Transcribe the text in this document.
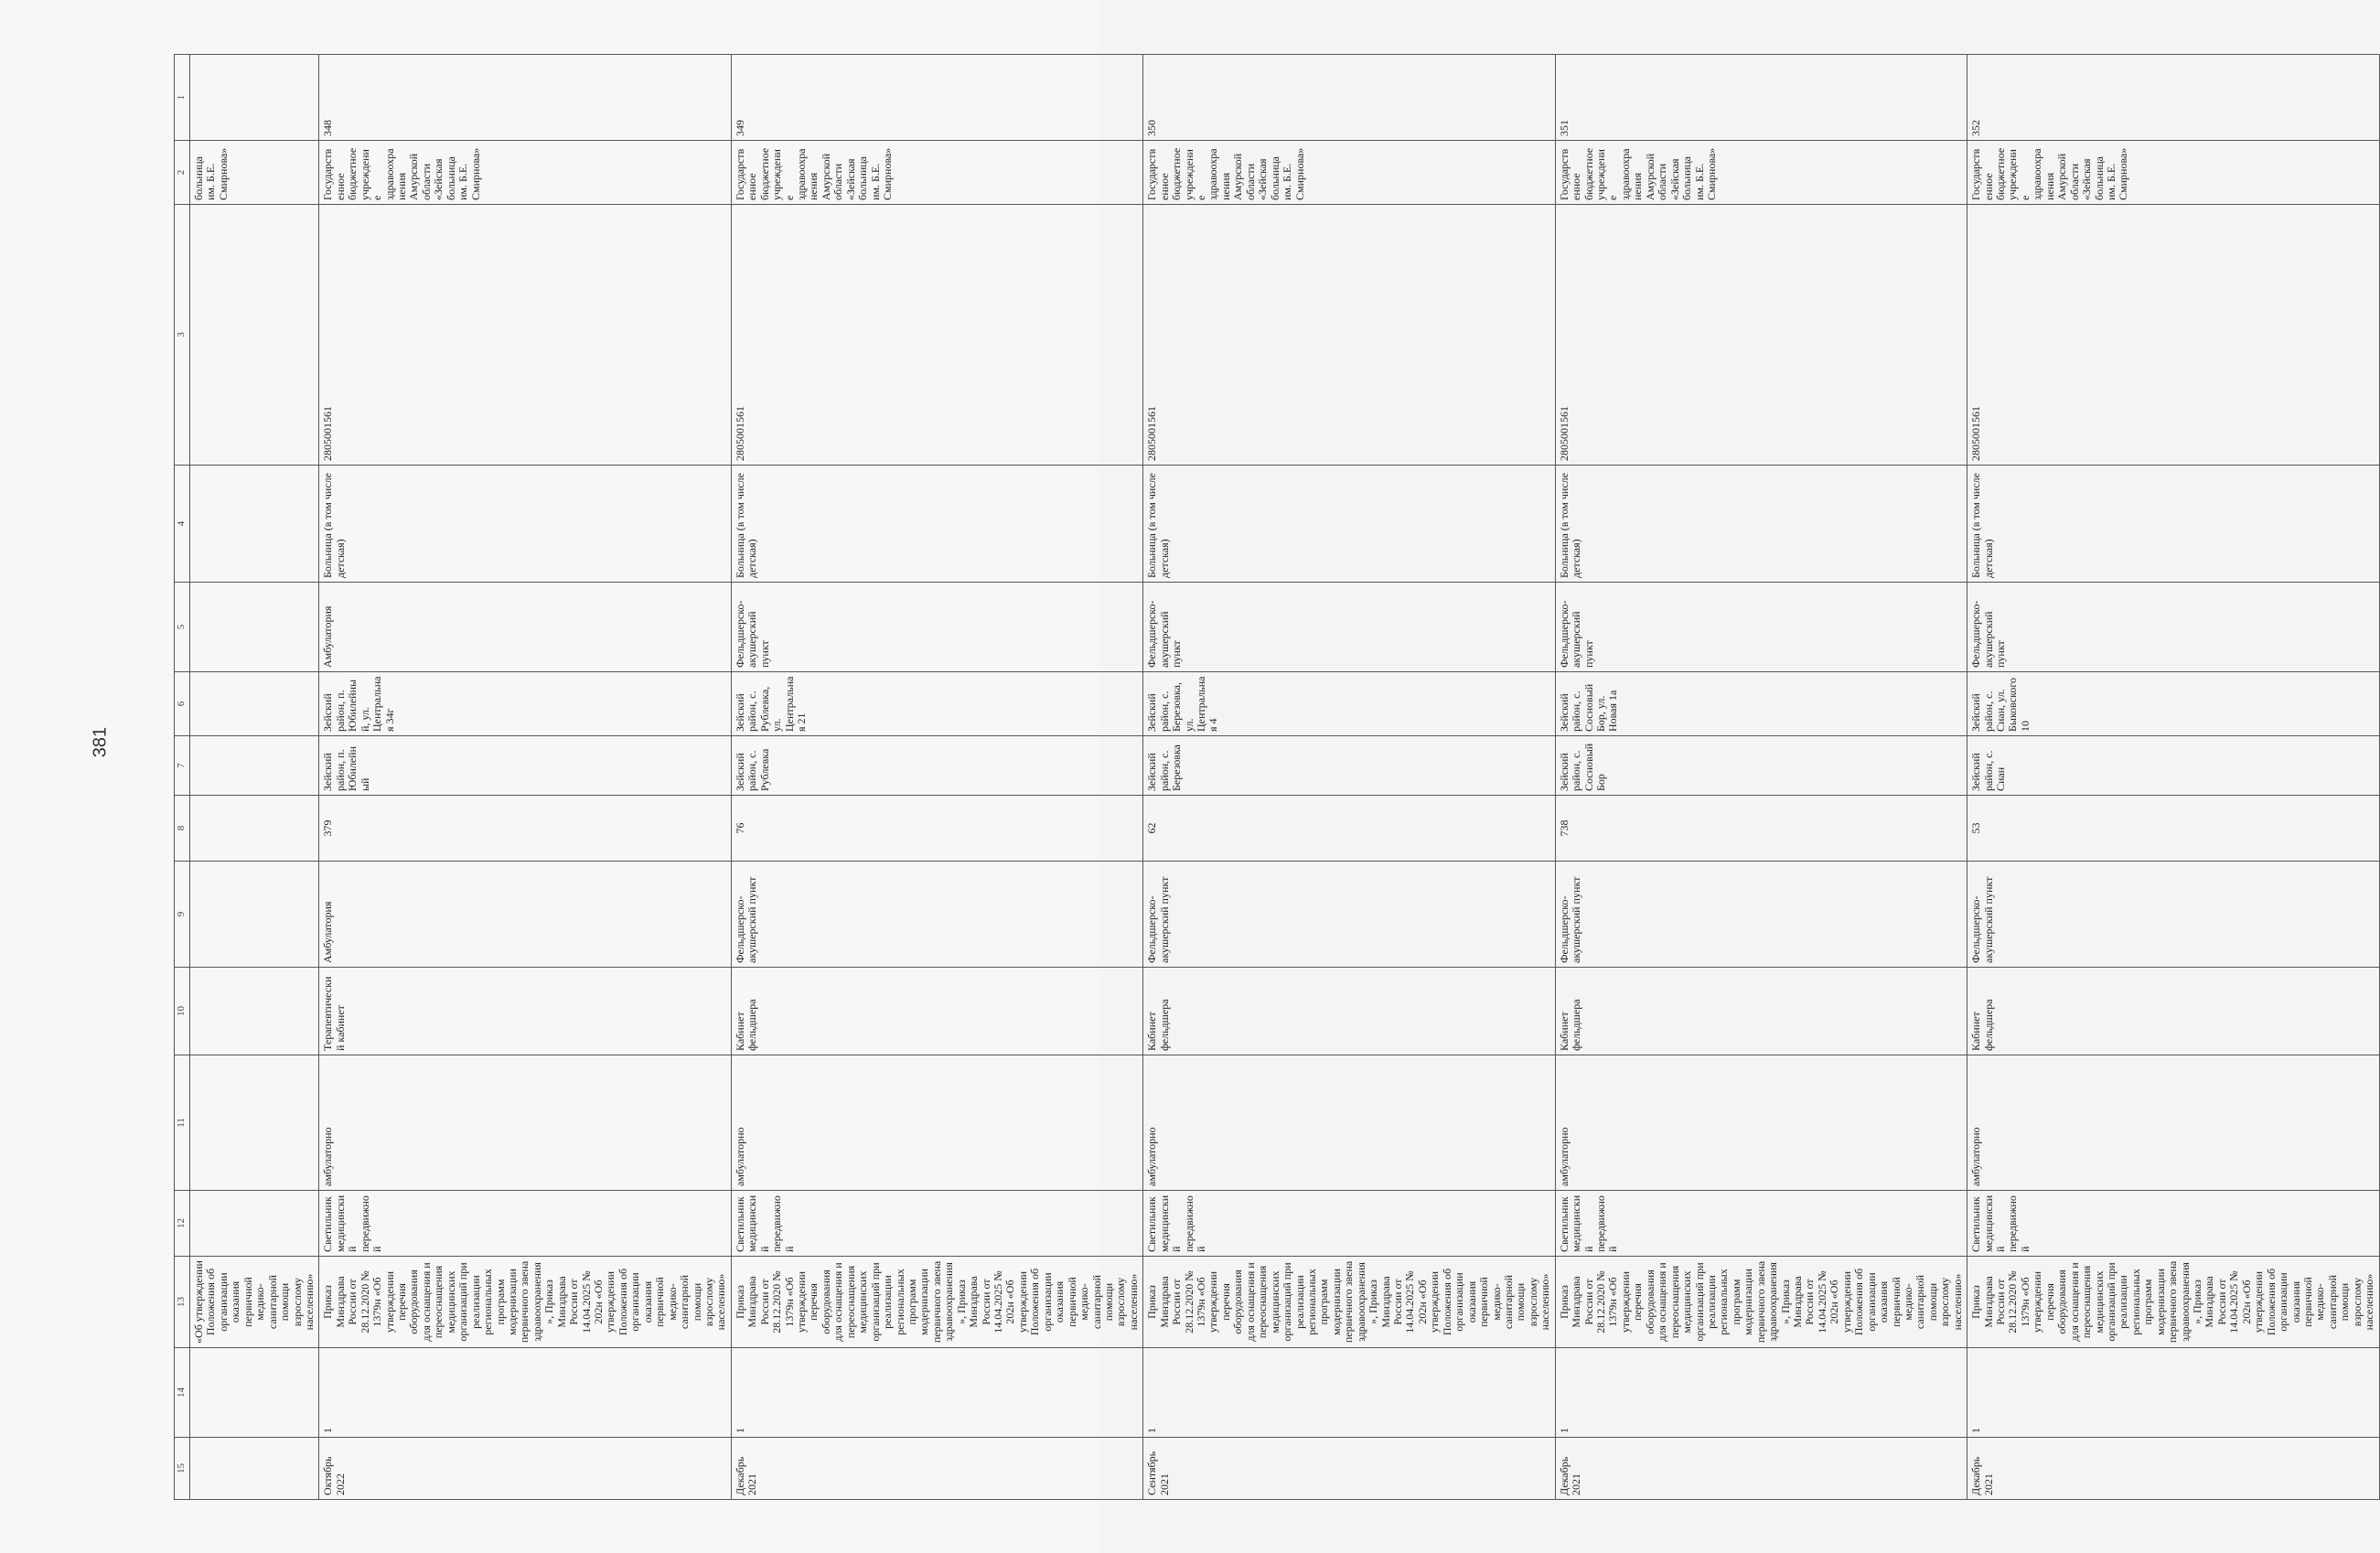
381
15	14	13	12	11	10	9	8	7	6	5	4	3	2	1
		«Об утверждении Положения об организации оказания первичной медико-санитарной помощи взрослому населению»											больница им. Б.Е. Смирнова»	
Октябрь 2022	1	Приказ Минздрава России от 28.12.2020 № 1379н «Об утверждении перечня оборудования для оснащения и переоснащения медицинских организаций при реализации региональных программ модернизации первичного звена здравоохранения», Приказ Минздрава России от 14.04.2025 № 202н «Об утверждении Положения об организации оказания первичной медико-санитарной помощи взрослому населению»	Светильник медицинский передвижной	амбулаторно	Терапевтический кабинет	Амбулатория	379	Зейский район, п. Юбилейный	Зейский район, п. Юбилейный, ул. Центральная 34г	Амбулатория	Больница (в том числе детская)	2805001561	Государственное бюджетное учреждение здравоохранения Амурской области «Зейская больница им. Б.Е. Смирнова»	348
Декабрь 2021	1	Приказ Минздрава России от 28.12.2020 № 1379н «Об утверждении перечня оборудования для оснащения и переоснащения медицинских организаций при реализации региональных программ модернизации первичного звена здравоохранения», Приказ Минздрава России от 14.04.2025 № 202н «Об утверждении Положения об организации оказания первичной медико-санитарной помощи взрослому населению»	Светильник медицинский передвижной	амбулаторно	Кабинет фельдшера	Фельдшерско-акушерский пункт	76	Зейский район, с. Рублевка	Зейский район, с. Рублевка, ул. Центральная 21	Фельдшерско-акушерский пункт	Больница (в том числе детская)	2805001561	Государственное бюджетное учреждение здравоохранения Амурской области «Зейская больница им. Б.Е. Смирнова»	349
Сентябрь 2021	1	Приказ Минздрава России от 28.12.2020 № 1379н «Об утверждении перечня оборудования для оснащения и переоснащения медицинских организаций при реализации региональных программ модернизации первичного звена здравоохранения», Приказ Минздрава России от 14.04.2025 № 202н «Об утверждении Положения об организации оказания первичной медико-санитарной помощи взрослому населению»	Светильник медицинский передвижной	амбулаторно	Кабинет фельдшера	Фельдшерско-акушерский пункт	62	Зейский район, с. Березовка	Зейский район, с. Березовка, ул. Центральная 4	Фельдшерско-акушерский пункт	Больница (в том числе детская)	2805001561	Государственное бюджетное учреждение здравоохранения Амурской области «Зейская больница им. Б.Е. Смирнова»	350
Декабрь 2021	1	Приказ Минздрава России от 28.12.2020 № 1379н «Об утверждении перечня оборудования для оснащения и переоснащения медицинских организаций при реализации региональных программ модернизации первичного звена здравоохранения», Приказ Минздрава России от 14.04.2025 № 202н «Об утверждении Положения об организации оказания первичной медико-санитарной помощи взрослому населению»	Светильник медицинский передвижной	амбулаторно	Кабинет фельдшера	Фельдшерско-акушерский пункт	738	Зейский район, с. Сосновый Бор	Зейский район, с. Сосновый Бор, ул. Новая 1а	Фельдшерско-акушерский пункт	Больница (в том числе детская)	2805001561	Государственное бюджетное учреждение здравоохранения Амурской области «Зейская больница им. Б.Е. Смирнова»	351
Декабрь 2021	1	Приказ Минздрава России от 28.12.2020 № 1379н «Об утверждении перечня оборудования для оснащения и переоснащения медицинских организаций при реализации региональных программ модернизации первичного звена здравоохранения», Приказ Минздрава России от 14.04.2025 № 202н «Об утверждении Положения об организации оказания первичной медико-санитарной помощи взрослому населению»	Светильник медицинский передвижной	амбулаторно	Кабинет фельдшера	Фельдшерско-акушерский пункт	53	Зейский район, с. Сиан	Зейский район, с. Сиан, ул. Быковского 10	Фельдшерско-акушерский пункт	Больница (в том числе детская)	2805001561	Государственное бюджетное учреждение здравоохранения Амурской области «Зейская больница им. Б.Е. Смирнова»	352
